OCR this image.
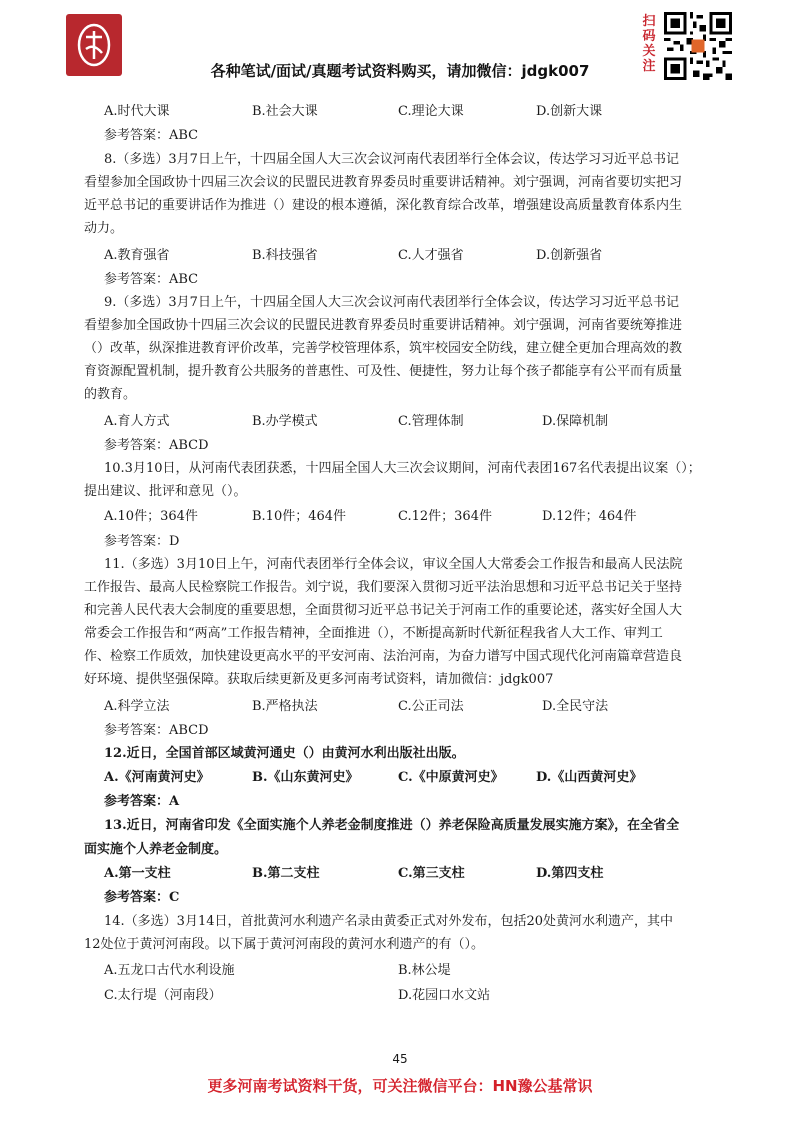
各种笔试/面试/真题考试资料购买，请加微信：jdgk007
扫码关注
A.时代大课	B.社会大课	C.理论大课	D.创新大课
参考答案：ABC
8.（多选）3月7日上午，十四届全国人大三次会议河南代表团举行全体会议，传达学习习近平总书记
看望参加全国政协十四届三次会议的民盟民进教育界委员时重要讲话精神。刘宁强调，河南省要切实把习
近平总书记的重要讲话作为推进（）建设的根本遵循，深化教育综合改革，增强建设高质量教育体系内生
动力。
A.教育强省	B.科技强省	C.人才强省	D.创新强省
参考答案：ABC
9.（多选）3月7日上午，十四届全国人大三次会议河南代表团举行全体会议，传达学习习近平总书记
看望参加全国政协十四届三次会议的民盟民进教育界委员时重要讲话精神。刘宁强调，河南省要统筹推进
（）改革，纵深推进教育评价改革，完善学校管理体系，筑牢校园安全防线，建立健全更加合理高效的教
育资源配置机制，提升教育公共服务的普惠性、可及性、便捷性，努力让每个孩子都能享有公平而有质量
的教育。
A.育人方式	B.办学模式	C.管理体制	D.保障机制
参考答案：ABCD
10.3月10日，从河南代表团获悉，十四届全国人大三次会议期间，河南代表团167名代表提出议案（）；
提出建议、批评和意见（）。
A.10件；364件	B.10件；464件	C.12件；364件	D.12件；464件
参考答案：D
11.（多选）3月10日上午，河南代表团举行全体会议，审议全国人大常委会工作报告和最高人民法院
工作报告、最高人民检察院工作报告。刘宁说，我们要深入贯彻习近平法治思想和习近平总书记关于坚持
和完善人民代表大会制度的重要思想，全面贯彻习近平总书记关于河南工作的重要论述，落实好全国人大
常委会工作报告和“两高”工作报告精神，全面推进（），不断提高新时代新征程我省人大工作、审判工
作、检察工作质效，加快建设更高水平的平安河南、法治河南，为奋力谱写中国式现代化河南篇章营造良
好环境、提供坚强保障。获取后续更新及更多河南考试资料，请加微信：jdgk007
A.科学立法	B.严格执法	C.公正司法	D.全民守法
参考答案：ABCD
12.近日，全国首部区域黄河通史（）由黄河水利出版社出版。
A.《河南黄河史》	B.《山东黄河史》	C.《中原黄河史》 D.《山西黄河史》
参考答案：A
13.近日，河南省印发《全面实施个人养老金制度推进（）养老保险高质量发展实施方案》，在全省全
面实施个人养老金制度。
A.第一支柱	B.第二支柱	C.第三支柱	D.第四支柱
参考答案：C
14.（多选）3月14日，首批黄河水利遗产名录由黄委正式对外发布，包括20处黄河水利遗产，其中
12处位于黄河河南段。以下属于黄河河南段的黄河水利遗产的有（）。
A.五龙口古代水利设施	B.林公堤
C.太行堤（河南段）	D.花园口水文站
45
更多河南考试资料干货，可关注微信平台：HN豫公基常识
